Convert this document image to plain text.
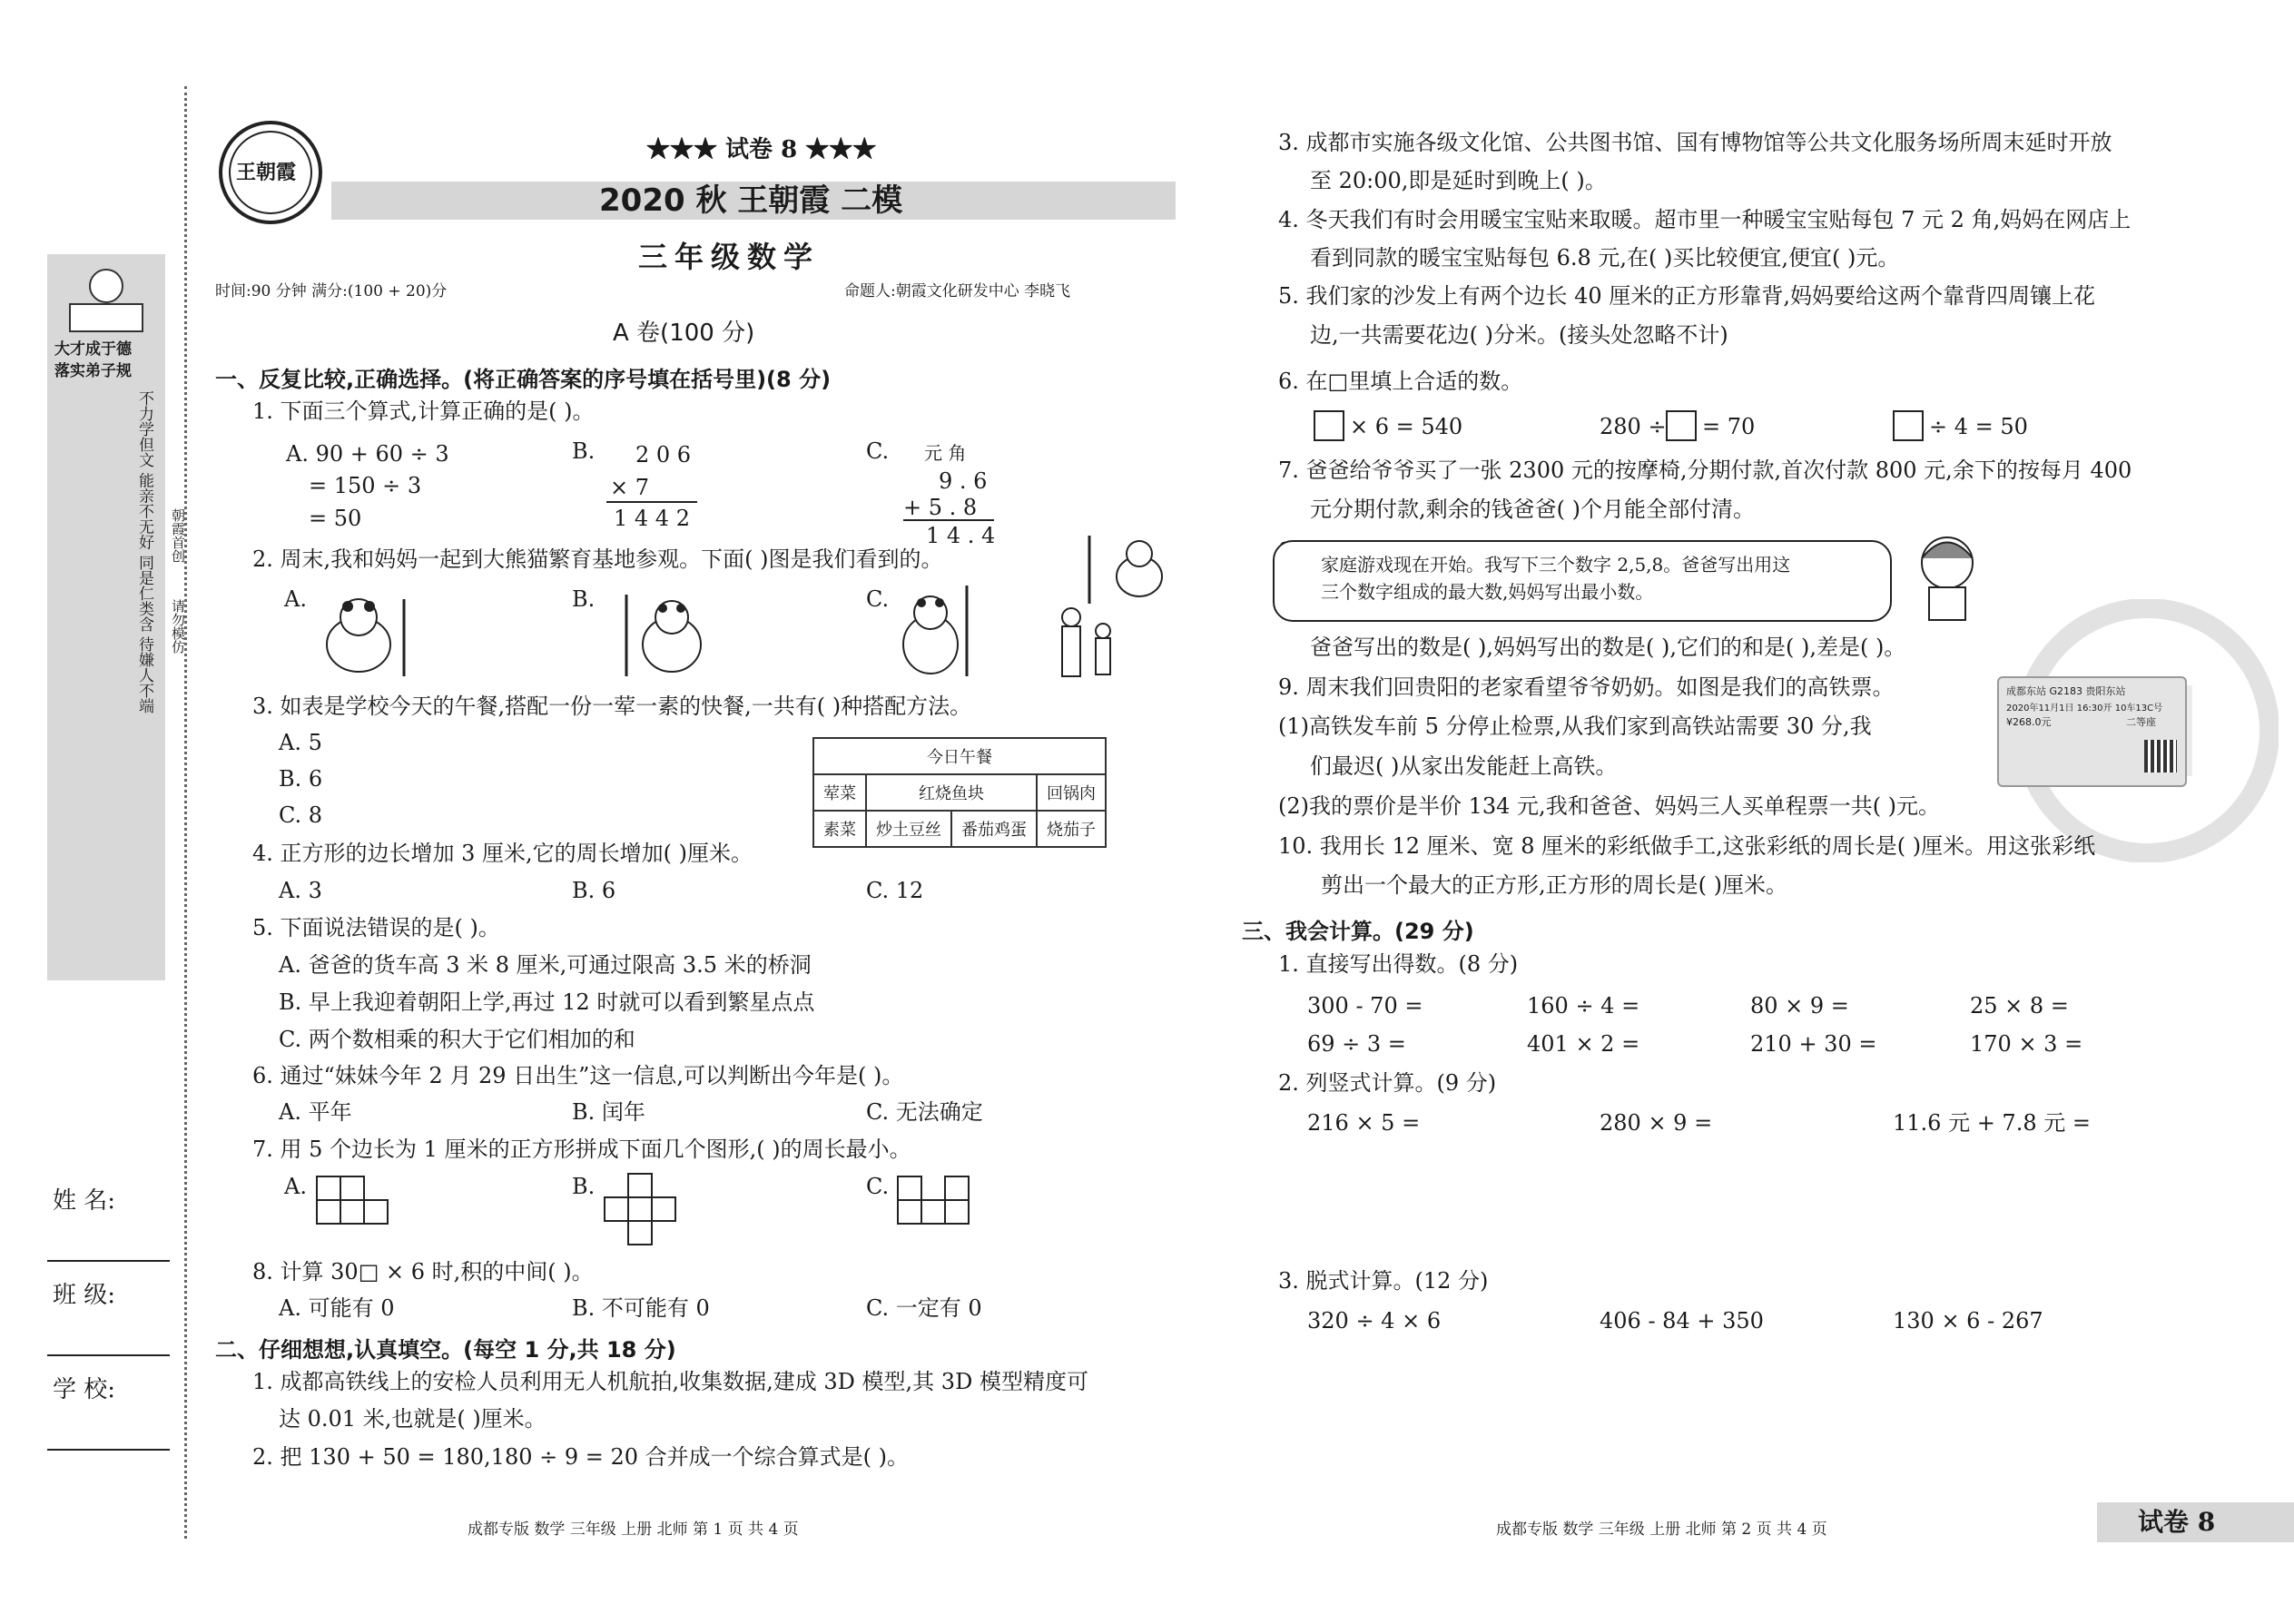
大才成于德
落实弟子规
不力学但文 能亲不无好 同是仁类含 待嫌人不端
朝霞首创
请勿模仿
姓 名:
班 级:
学 校:
王朝霞
★★★ 试卷 8 ★★★
2020 秋 王朝霞 二模
三年级数学
时间:90 分钟 满分:(100 + 20)分	命题人:朝霞文化研发中心 李晓飞
A 卷(100 分)
一、反复比较,正确选择。(将正确答案的序号填在括号里)(8 分)
1. 下面三个算式,计算正确的是( )。
A. 90 + 60 ÷ 3
= 150 ÷ 3
= 50
B. 2 0 6
× 7
1 4 4 2
C. 元 角
9 . 6
+ 5 . 8
1 4 . 4
2. 周末,我和妈妈一起到大熊猫繁育基地参观。下面( )图是我们看到的。
A.	B.	C.
3. 如表是学校今天的午餐,搭配一份一荤一素的快餐,一共有( )种搭配方法。
A. 5
B. 6
C. 8
今日午餐			
荤菜	红烧鱼块		回锅肉
素菜	炒土豆丝	番茄鸡蛋	烧茄子
4. 正方形的边长增加 3 厘米,它的周长增加( )厘米。
A. 3	B. 6	C. 12
5. 下面说法错误的是( )。
A. 爸爸的货车高 3 米 8 厘米,可通过限高 3.5 米的桥洞
B. 早上我迎着朝阳上学,再过 12 时就可以看到繁星点点
C. 两个数相乘的积大于它们相加的和
6. 通过“妹妹今年 2 月 29 日出生”这一信息,可以判断出今年是( )。
A. 平年	B. 闰年	C. 无法确定
7. 用 5 个边长为 1 厘米的正方形拼成下面几个图形,( )的周长最小。
A.	B.	C.
8. 计算 30□ × 6 时,积的中间( )。
A. 可能有 0	B. 不可能有 0	C. 一定有 0
二、仔细想想,认真填空。(每空 1 分,共 18 分)
1. 成都高铁线上的安检人员利用无人机航拍,收集数据,建成 3D 模型,其 3D 模型精度可
达 0.01 米,也就是( )厘米。
2. 把 130 + 50 = 180,180 ÷ 9 = 20 合并成一个综合算式是( )。
成都专版 数学 三年级 上册 北师 第 1 页 共 4 页
3. 成都市实施各级文化馆、公共图书馆、国有博物馆等公共文化服务场所周末延时开放
至 20:00,即是延时到晚上( )。
4. 冬天我们有时会用暖宝宝贴来取暖。超市里一种暖宝宝贴每包 7 元 2 角,妈妈在网店上
看到同款的暖宝宝贴每包 6.8 元,在( )买比较便宜,便宜( )元。
5. 我们家的沙发上有两个边长 40 厘米的正方形靠背,妈妈要给这两个靠背四周镶上花
边,一共需要花边( )分米。(接头处忽略不计)
6. 在□里填上合适的数。
× 6 = 540	280 ÷ = 70	÷ 4 = 50
7. 爸爸给爷爷买了一张 2300 元的按摩椅,分期付款,首次付款 800 元,余下的按每月 400
元分期付款,剩余的钱爸爸( )个月能全部付清。
家庭游戏现在开始。我写下三个数字 2,5,8。爸爸写出用这
三个数字组成的最大数,妈妈写出最小数。
爸爸写出的数是( ),妈妈写出的数是( ),它们的和是( ),差是( )。
9. 周末我们回贵阳的老家看望爷爷奶奶。如图是我们的高铁票。
(1)高铁发车前 5 分停止检票,从我们家到高铁站需要 30 分,我
们最迟( )从家出发能赶上高铁。
(2)我的票价是半价 134 元,我和爸爸、妈妈三人买单程票一共( )元。
成都东站 G2183 贵阳东站
2020年11月1日 16:30开 10车13C号
¥268.0元	二等座
10. 我用长 12 厘米、宽 8 厘米的彩纸做手工,这张彩纸的周长是( )厘米。用这张彩纸
剪出一个最大的正方形,正方形的周长是( )厘米。
三、我会计算。(29 分)
1. 直接写出得数。(8 分)
300 - 70 =	160 ÷ 4 =	80 × 9 =	25 × 8 =
69 ÷ 3 =	401 × 2 =	210 + 30 =	170 × 3 =
2. 列竖式计算。(9 分)
216 × 5 =	280 × 9 =	11.6 元 + 7.8 元 =
3. 脱式计算。(12 分)
320 ÷ 4 × 6	406 - 84 + 350	130 × 6 - 267
成都专版 数学 三年级 上册 北师 第 2 页 共 4 页	试卷 8
